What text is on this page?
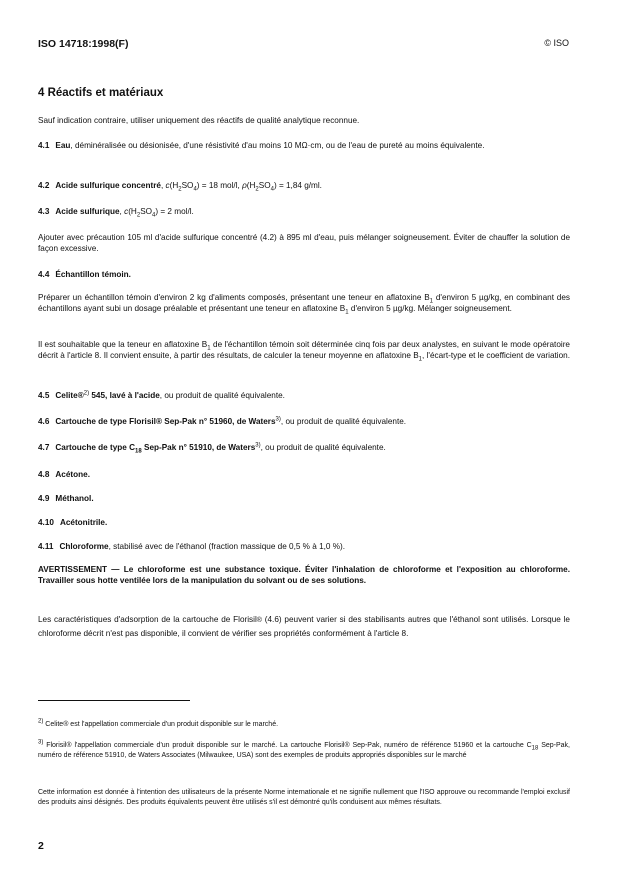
ISO 14718:1998(F)	© ISO
4 Réactifs et matériaux
Sauf indication contraire, utiliser uniquement des réactifs de qualité analytique reconnue.
4.1 Eau, déminéralisée ou désionisée, d'une résistivité d'au moins 10 MΩ·cm, ou de l'eau de pureté au moins équivalente.
4.2 Acide sulfurique concentré, $c(H_2SO_4) = 18$ mol/l, $\rho(H_2SO_4) = 1,84$ g/ml.
4.3 Acide sulfurique, $c(H_2SO_4) = 2$ mol/l.
Ajouter avec précaution 105 ml d'acide sulfurique concentré (4.2) à 895 ml d'eau, puis mélanger soigneusement. Éviter de chauffer la solution de façon excessive.
4.4 Échantillon témoin.
Préparer un échantillon témoin d'environ 2 kg d'aliments composés, présentant une teneur en aflatoxine $B_1$ d'environ 5 µg/kg, en combinant des échantillons ayant subi un dosage préalable et présentant une teneur en aflatoxine $B_1$ d'environ 5 µg/kg. Mélanger soigneusement.
Il est souhaitable que la teneur en aflatoxine $B_1$ de l'échantillon témoin soit déterminée cinq fois par deux analystes, en suivant le mode opératoire décrit à l'article 8. Il convient ensuite, à partir des résultats, de calculer la teneur moyenne en aflatoxine $B_1$, l'écart-type et le coefficient de variation.
4.5 Celite®$^{2)}$ 545, lavé à l'acide, ou produit de qualité équivalente.
4.6 Cartouche de type Florisil® Sep-Pak n° 51960, de Waters$^{3)}$, ou produit de qualité équivalente.
4.7 Cartouche de type $C_{18}$ Sep-Pak n° 51910, de Waters$^{3)}$, ou produit de qualité équivalente.
4.8 Acétone.
4.9 Méthanol.
4.10 Acétonitrile.
4.11 Chloroforme, stabilisé avec de l'éthanol (fraction massique de 0,5 % à 1,0 %).
AVERTISSEMENT — Le chloroforme est une substance toxique. Éviter l'inhalation de chloroforme et l'exposition au chloroforme. Travailler sous hotte ventilée lors de la manipulation du solvant ou de ses solutions.
Les caractéristiques d'adsorption de la cartouche de Florisil® (4.6) peuvent varier si des stabilisants autres que l'éthanol sont utilisés. Lorsque le chloroforme décrit n'est pas disponible, il convient de vérifier ses propriétés conformément à l'article 8.
$^{2)}$ Celite® est l'appellation commerciale d'un produit disponible sur le marché.
$^{3)}$ Florisil® l'appellation commerciale d'un produit disponible sur le marché. La cartouche Florisil® Sep-Pak, numéro de référence 51960 et la cartouche $C_{18}$ Sep-Pak, numéro de référence 51910, de Waters Associates (Milwaukee, USA) sont des exemples de produits appropriés disponibles sur le marché
Cette information est donnée à l'intention des utilisateurs de la présente Norme internationale et ne signifie nullement que l'ISO approuve ou recommande l'emploi exclusif des produits ainsi désignés. Des produits équivalents peuvent être utilisés s'il est démontré qu'ils conduisent aux mêmes résultats.
2
